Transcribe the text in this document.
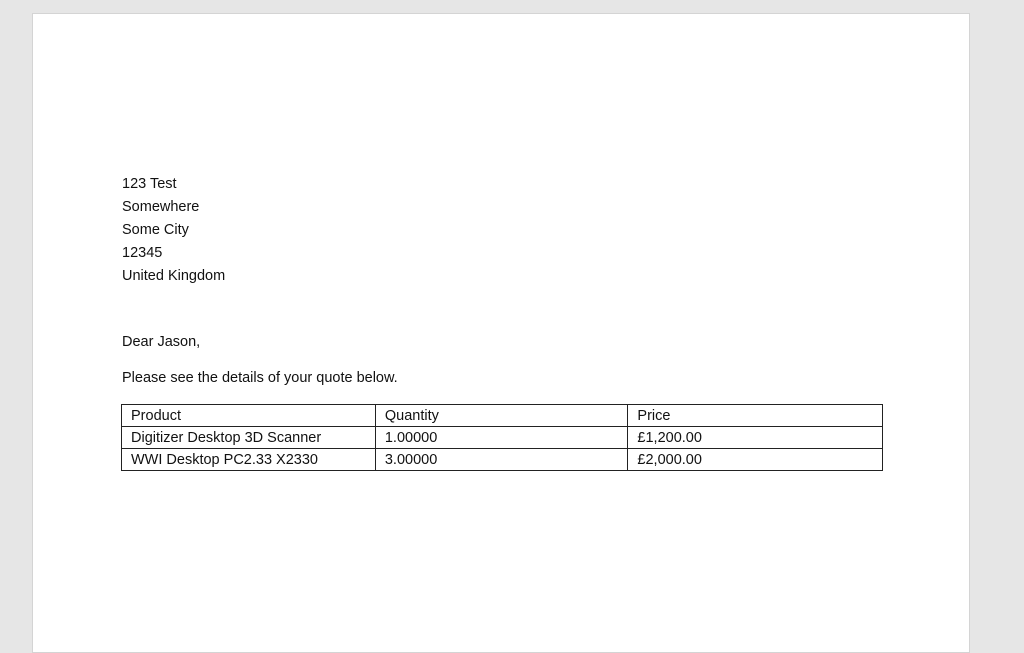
123 Test
Somewhere
Some City
12345
United Kingdom
Dear Jason,
Please see the details of your quote below.
Product	Quantity	Price
Digitizer Desktop 3D Scanner	1.00000	£1,200.00
WWI Desktop PC2.33 X2330	3.00000	£2,000.00
